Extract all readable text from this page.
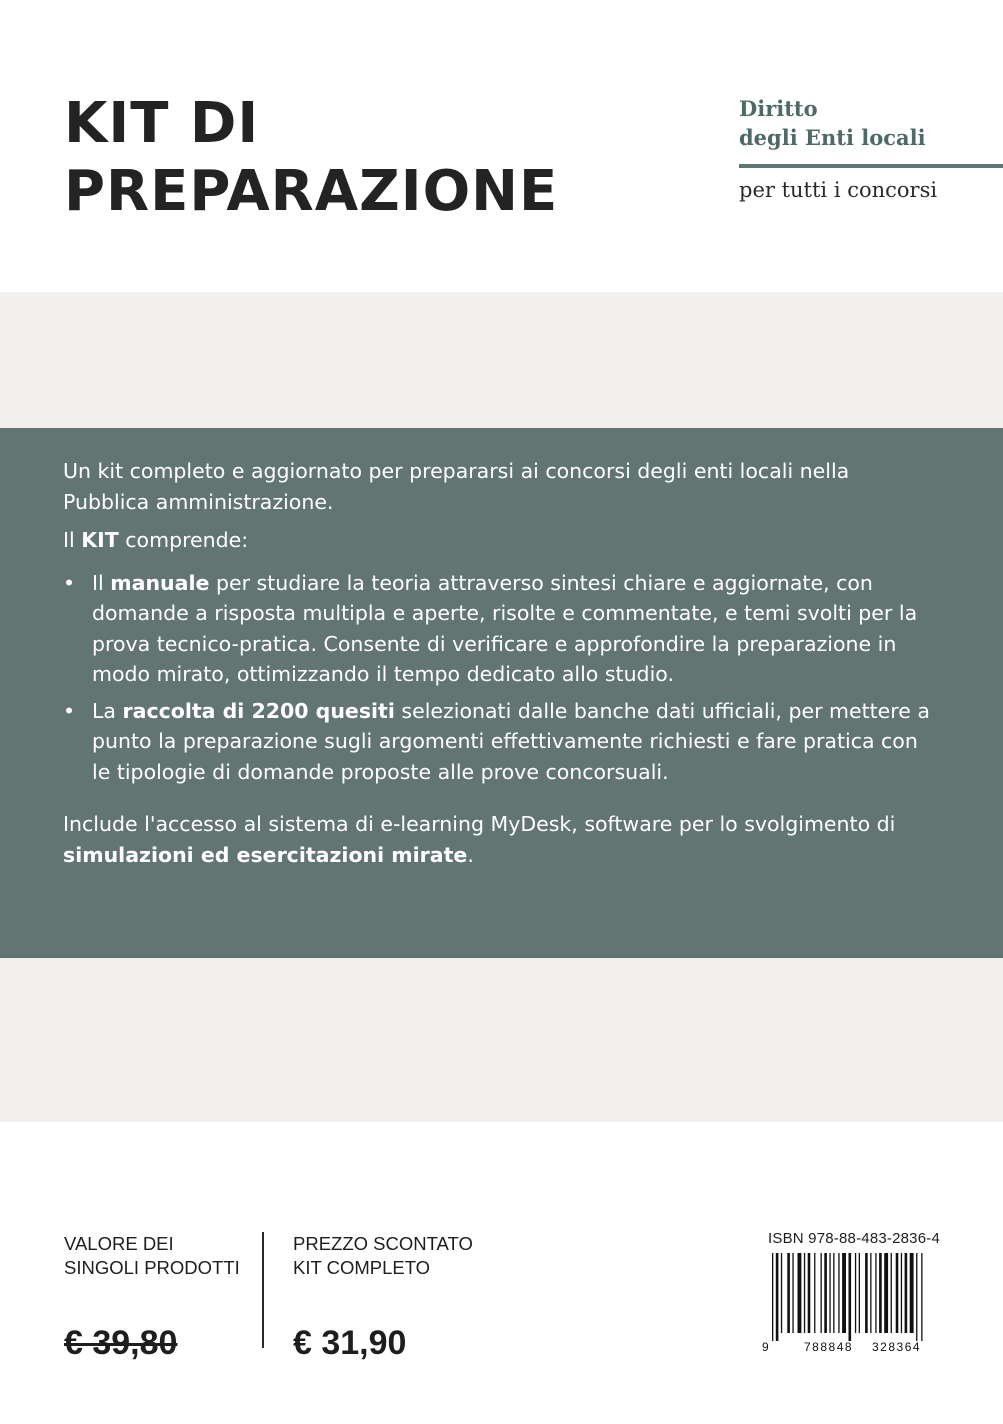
KIT DI
PREPARAZIONE
Diritto
degli Enti locali
per tutti i concorsi

Un kit completo e aggiornato per prepararsi ai concorsi degli enti locali nella Pubblica amministrazione.

Il KIT comprende:

• Il manuale per studiare la teoria attraverso sintesi chiare e aggiornate, con domande a risposta multipla e aperte, risolte e commentate, e temi svolti per la prova tecnico-pratica. Consente di verificare e approfondire la preparazione in modo mirato, ottimizzando il tempo dedicato allo studio.
• La raccolta di 2200 quesiti selezionati dalle banche dati ufficiali, per mettere a punto la preparazione sugli argomenti effettivamente richiesti e fare pratica con le tipologie di domande proposte alle prove concorsuali.

Include l'accesso al sistema di e-learning MyDesk, software per lo svolgimento di simulazioni ed esercitazioni mirate.

VALORE DEI
SINGOLI PRODOTTI
€ 39,80
PREZZO SCONTATO
KIT COMPLETO
€ 31,90
ISBN 978-88-483-2836-4
9	788848 328364
